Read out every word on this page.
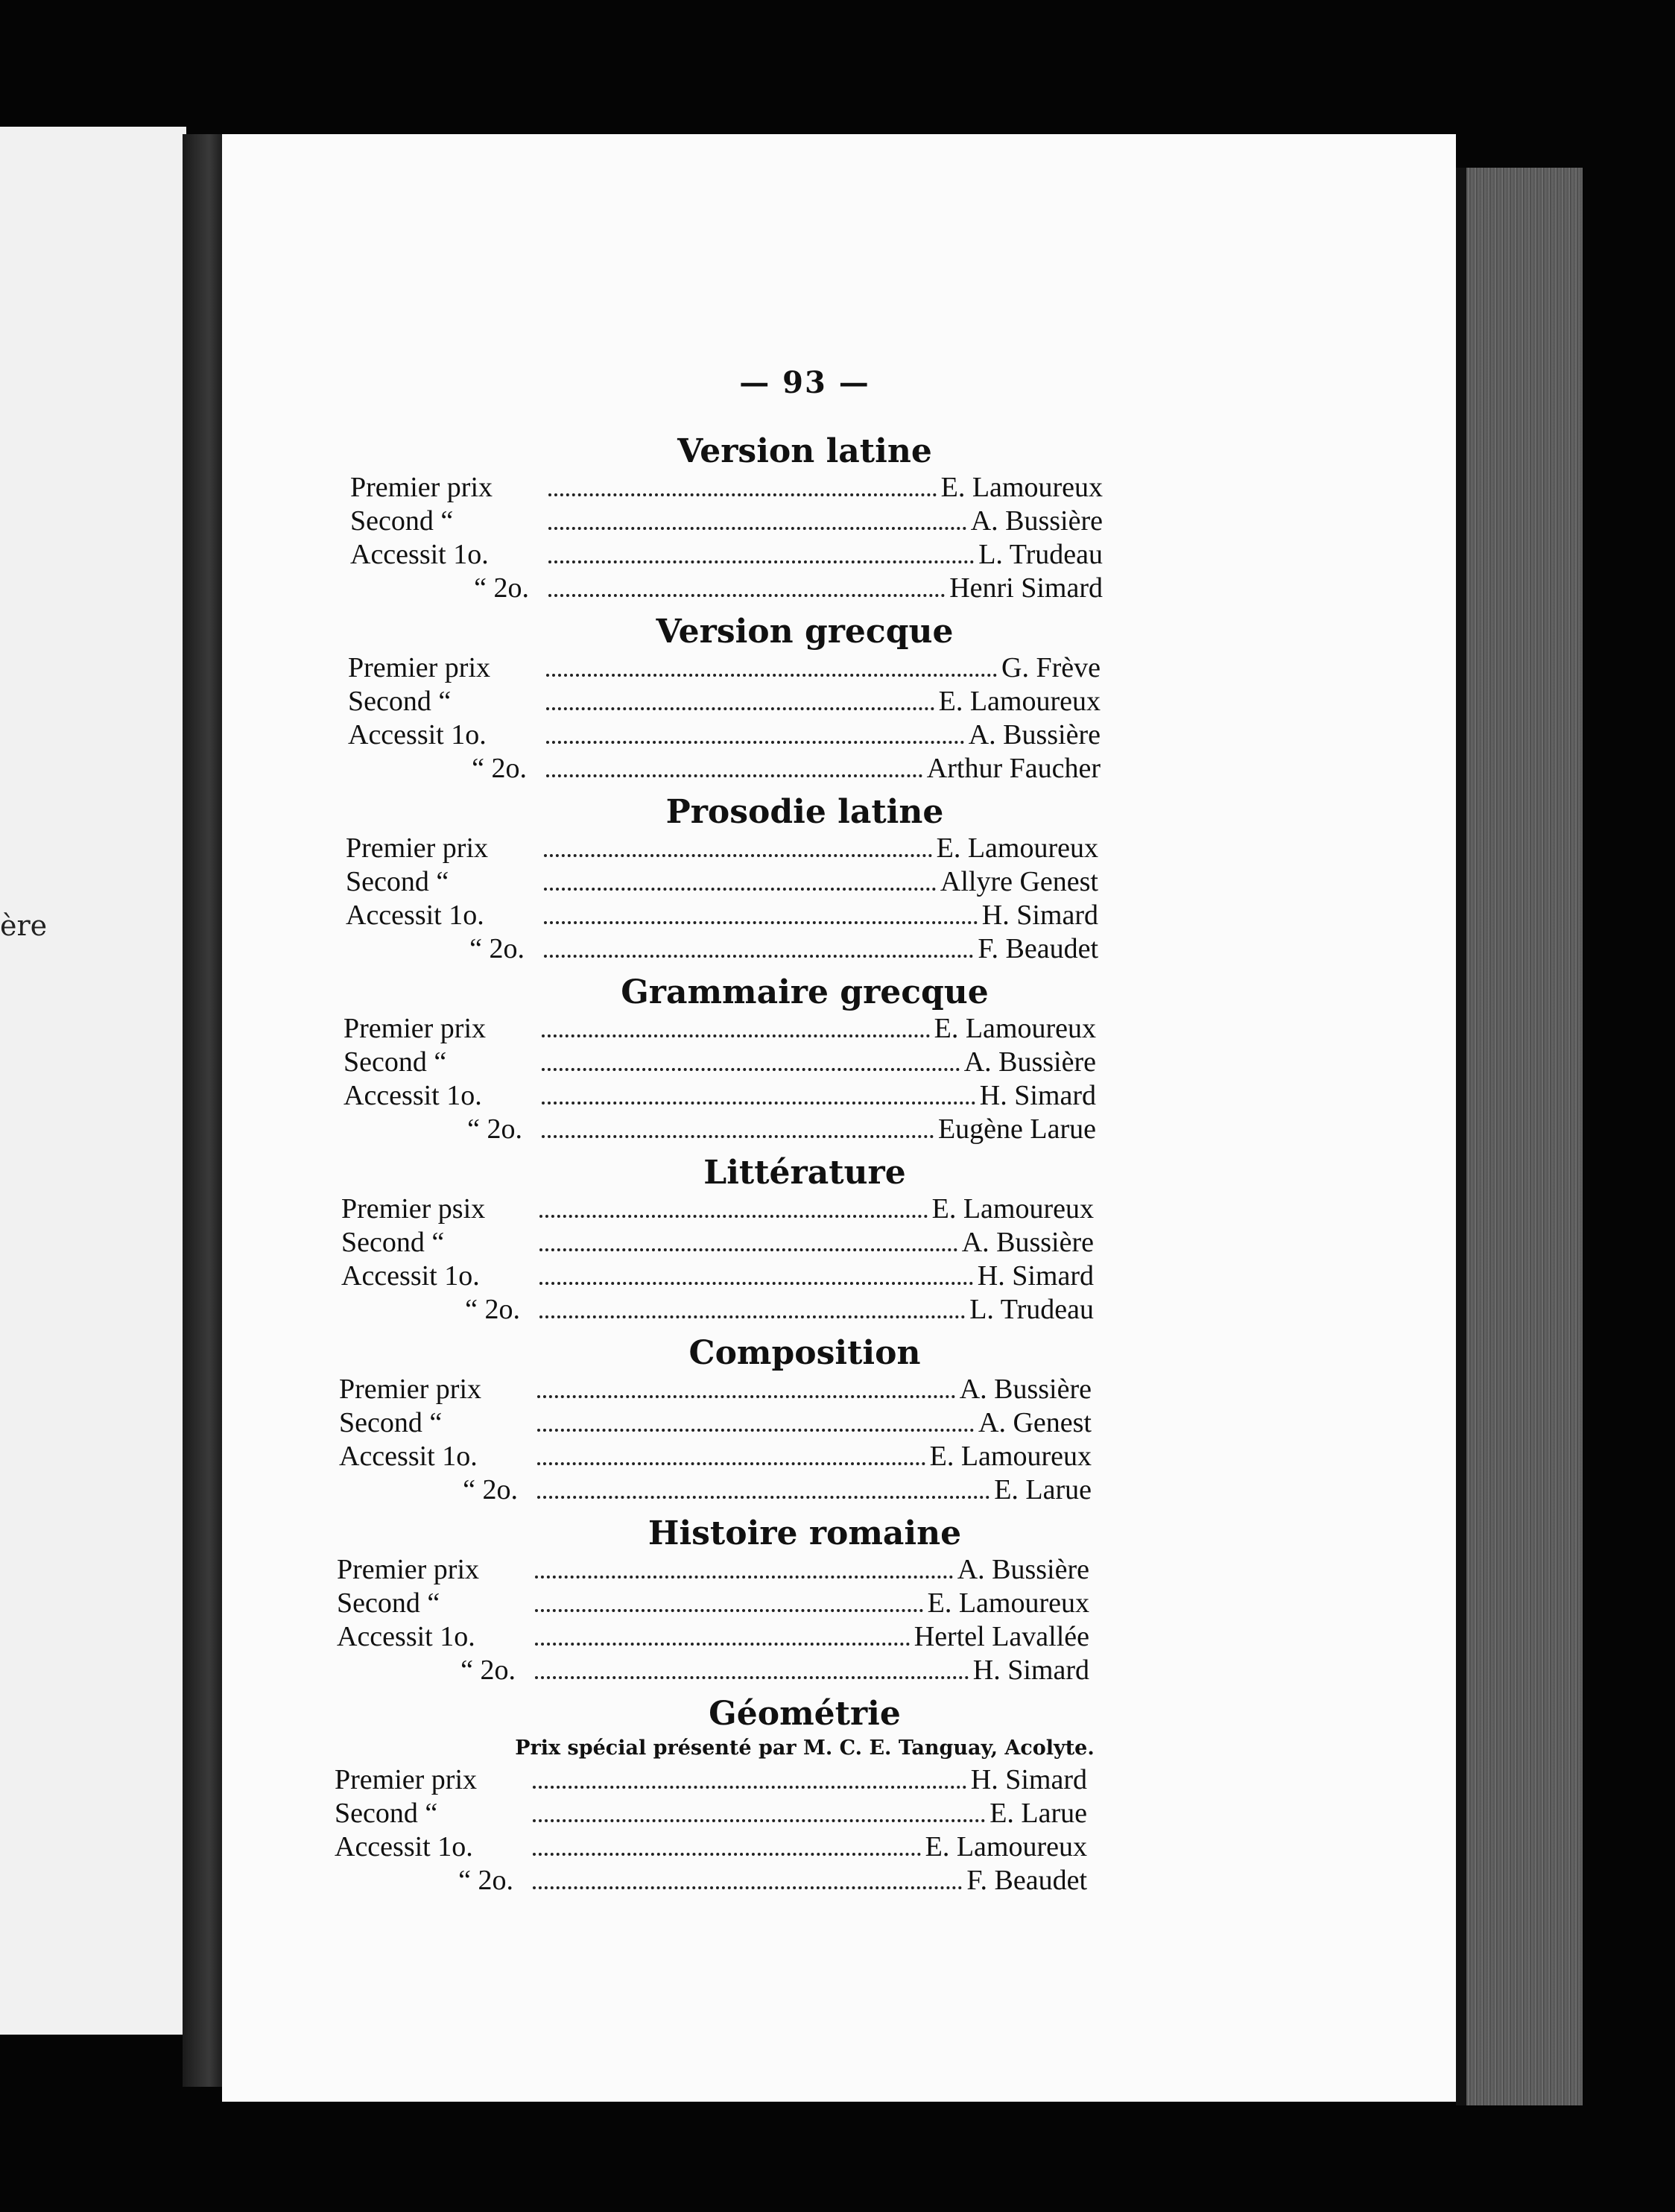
ère
— 93 —
Version latine
Premier prix	E. Lamoureux
Second “	A. Bussière
Accessit 1o.	L. Trudeau
“ 2o.	Henri Simard
Version grecque
Premier prix	G. Frève
Second “	E. Lamoureux
Accessit 1o.	A. Bussière
“ 2o.	Arthur Faucher
Prosodie latine
Premier prix	E. Lamoureux
Second “	Allyre Genest
Accessit 1o.	H. Simard
“ 2o.	F. Beaudet
Grammaire grecque
Premier prix	E. Lamoureux
Second “	A. Bussière
Accessit 1o.	H. Simard
“ 2o.	Eugène Larue
Littérature
Premier psix	E. Lamoureux
Second “	A. Bussière
Accessit 1o.	H. Simard
“ 2o.	L. Trudeau
Composition
Premier prix	A. Bussière
Second “	A. Genest
Accessit 1o.	E. Lamoureux
“ 2o.	E. Larue
Histoire romaine
Premier prix	A. Bussière
Second “	E. Lamoureux
Accessit 1o.	Hertel Lavallée
“ 2o.	H. Simard
Géométrie
Prix spécial présenté par M. C. E. Tanguay, Acolyte.
Premier prix	H. Simard
Second “	E. Larue
Accessit 1o.	E. Lamoureux
“ 2o.	F. Beaudet
